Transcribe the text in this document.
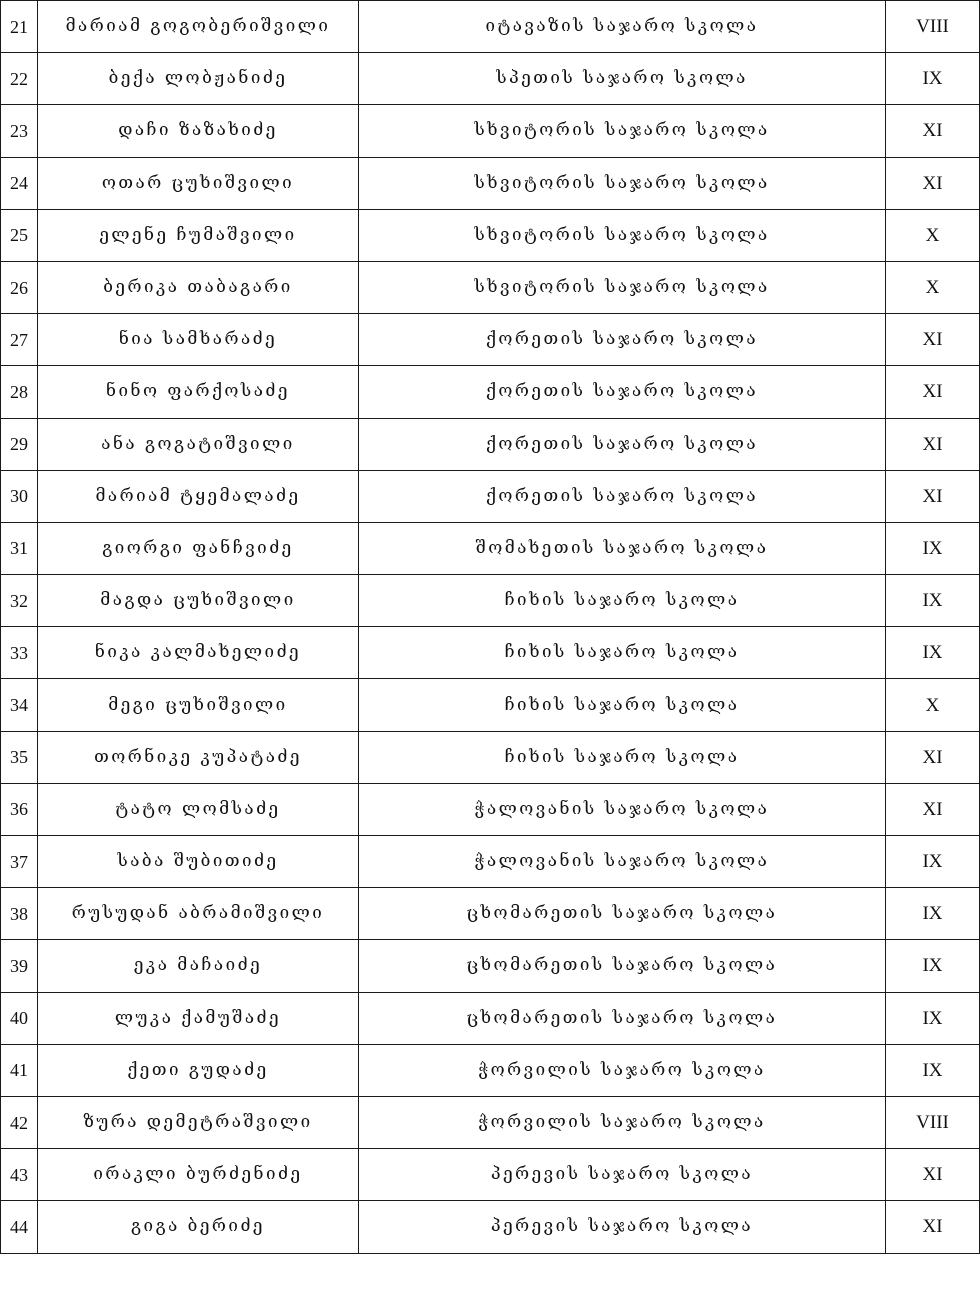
21	მარიამ გოგობერიშვილი	იტავაზის საჯარო სკოლა	VIII
22	ბექა ლობჟანიძე	სპეთის საჯარო სკოლა	IX
23	დაჩი ზაზახიძე	სხვიტორის საჯარო სკოლა	XI
24	ოთარ ცუხიშვილი	სხვიტორის საჯარო სკოლა	XI
25	ელენე ჩუმაშვილი	სხვიტორის საჯარო სკოლა	X
26	ბერიკა თაბაგარი	სხვიტორის საჯარო სკოლა	X
27	ნია სამხარაძე	ქორეთის საჯარო სკოლა	XI
28	ნინო ფარქოსაძე	ქორეთის საჯარო სკოლა	XI
29	ანა გოგატიშვილი	ქორეთის საჯარო სკოლა	XI
30	მარიამ ტყემალაძე	ქორეთის საჯარო სკოლა	XI
31	გიორგი ფანჩვიძე	შომახეთის საჯარო სკოლა	IX
32	მაგდა ცუხიშვილი	ჩიხის საჯარო სკოლა	IX
33	ნიკა კალმახელიძე	ჩიხის საჯარო სკოლა	IX
34	მეგი ცუხიშვილი	ჩიხის საჯარო სკოლა	X
35	თორნიკე კუპატაძე	ჩიხის საჯარო სკოლა	XI
36	ტატო ლომსაძე	ჭალოვანის საჯარო სკოლა	XI
37	საბა შუბითიძე	ჭალოვანის საჯარო სკოლა	IX
38	რუსუდან აბრამიშვილი	ცხომარეთის საჯარო სკოლა	IX
39	ეკა მაჩაიძე	ცხომარეთის საჯარო სკოლა	IX
40	ლუკა ქამუშაძე	ცხომარეთის საჯარო სკოლა	IX
41	ქეთი გუდაძე	ჭორვილის საჯარო სკოლა	IX
42	ზურა დემეტრაშვილი	ჭორვილის საჯარო სკოლა	VIII
43	ირაკლი ბურძენიძე	პერევის საჯარო სკოლა	XI
44	გიგა ბერიძე	პერევის საჯარო სკოლა	XI
